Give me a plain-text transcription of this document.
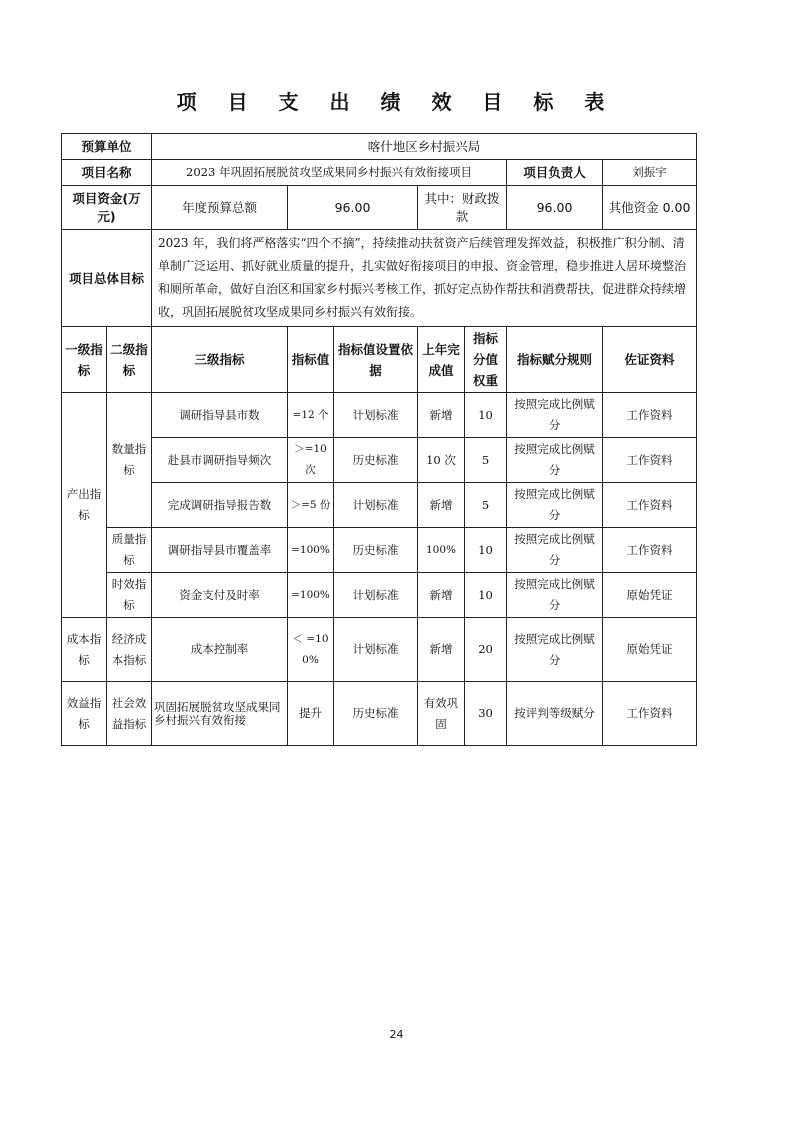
项 目 支 出 绩 效 目 标 表
预算单位		喀什地区乡村振兴局						
项目名称		2023 年巩固拓展脱贫攻坚成果同乡村振兴有效衔接项目					项目负责人	刘振宇
项目资金(万元)		年度预算总额	96.00		其中：财政拨款		96.00	其他资金 0.00
项目总体目标		2023 年，我们将严格落实“四个不摘”，持续推动扶贫资产后续管理发挥效益，积极推广积分制、清单制广泛运用、抓好就业质量的提升，扎实做好衔接项目的申报、资金管理，稳步推进人居环境整治和厕所革命，做好自治区和国家乡村振兴考核工作，抓好定点协作帮扶和消费帮扶，促进群众持续增收，巩固拓展脱贫攻坚成果同乡村振兴有效衔接。						
一级指标	二级指标	三级指标	指标值	指标值设置依据	上年完成值	指标分值权重	指标赋分规则	佐证资料
产出指标	数量指标	调研指导县市数	=12 个	计划标准	新增	10	按照完成比例赋分	工作资料
		赴县市调研指导频次	＞=10 次	历史标准	10 次	5	按照完成比例赋分	工作资料
		完成调研指导报告数	＞=5 份	计划标准	新增	5	按照完成比例赋分	工作资料
	质量指标	调研指导县市覆盖率	=100%	历史标准	100%	10	按照完成比例赋分	工作资料
	时效指标	资金支付及时率	=100%	计划标准	新增	10	按照完成比例赋分	原始凭证
成本指标	经济成本指标	成本控制率	＜ =100%	计划标准	新增	20	按照完成比例赋分	原始凭证
效益指标	社会效益指标	巩固拓展脱贫攻坚成果同乡村振兴有效衔接	提升	历史标准	有效巩固	30	按评判等级赋分	工作资料
24
